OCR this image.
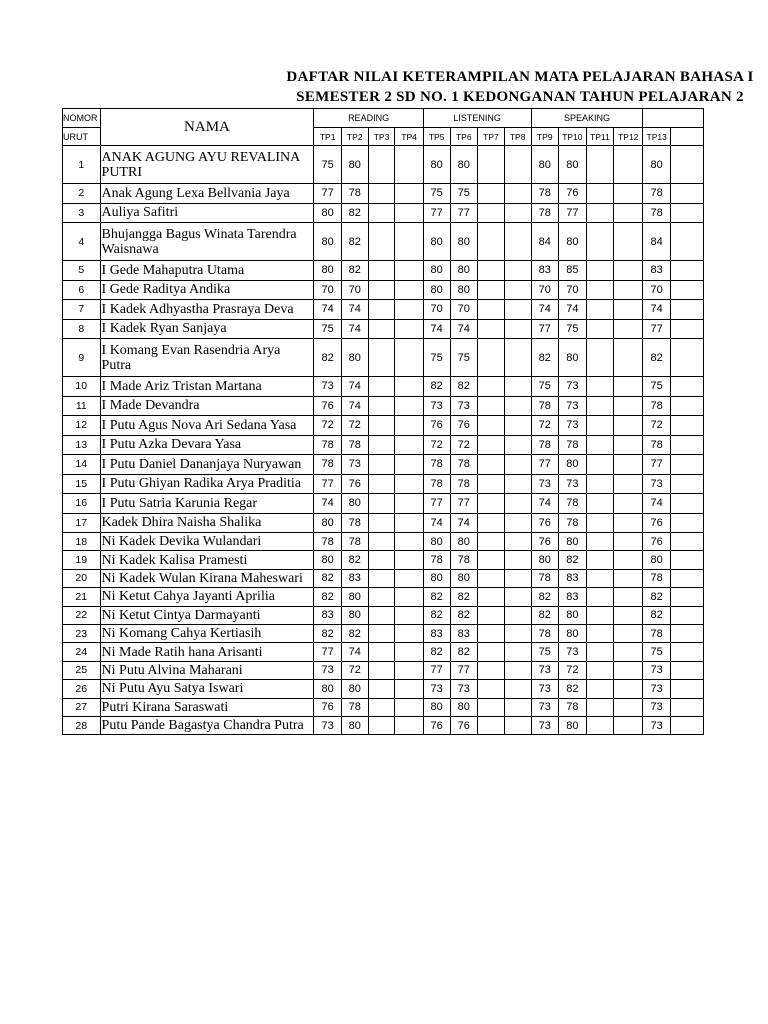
DAFTAR NILAI KETERAMPILAN MATA PELAJARAN BAHASA I
SEMESTER 2 SD NO. 1 KEDONGANAN TAHUN PELAJARAN 2
NOMOR	NAMA	READING				LISTENING				SPEAKING					
URUT		TP1	TP2	TP3	TP4	TP5	TP6	TP7	TP8	TP9	TP10	TP11	TP12	TP13	
1	ANAK AGUNG AYU REVALINA PUTRI	75	80			80	80			80	80			80	
2	Anak Agung Lexa Bellvania Jaya	77	78			75	75			78	76			78	
3	Auliya Safitri	80	82			77	77			78	77			78	
4	Bhujangga Bagus Winata Tarendra Waisnawa	80	82			80	80			84	80			84	
5	I Gede Mahaputra Utama	80	82			80	80			83	85			83	
6	I Gede Raditya Andika	70	70			80	80			70	70			70	
7	I Kadek Adhyastha Prasraya Deva	74	74			70	70			74	74			74	
8	I Kadek Ryan Sanjaya	75	74			74	74			77	75			77	
9	I Komang Evan Rasendria Arya Putra	82	80			75	75			82	80			82	
10	I Made Ariz Tristan Martana	73	74			82	82			75	73			75	
11	I Made Devandra	76	74			73	73			78	73			78	
12	I Putu Agus Nova Ari Sedana Yasa	72	72			76	76			72	73			72	
13	I Putu Azka Devara Yasa	78	78			72	72			78	78			78	
14	I Putu Daniel Dananjaya Nuryawan	78	73			78	78			77	80			77	
15	I Putu Ghiyan Radika Arya Praditia	77	76			78	78			73	73			73	
16	I Putu Satria Karunia Regar	74	80			77	77			74	78			74	
17	Kadek Dhira Naisha Shalika	80	78			74	74			76	78			76	
18	Ni Kadek Devika Wulandari	78	78			80	80			76	80			76	
19	Ni Kadek Kalisa Pramesti	80	82			78	78			80	82			80	
20	Ni Kadek Wulan Kirana Maheswari	82	83			80	80			78	83			78	
21	Ni Ketut Cahya Jayanti Aprilia	82	80			82	82			82	83			82	
22	Ni Ketut Cintya Darmayanti	83	80			82	82			82	80			82	
23	Ni Komang Cahya Kertiasih	82	82			83	83			78	80			78	
24	Ni Made Ratih hana Arisanti	77	74			82	82			75	73			75	
25	Ni Putu Alvina Maharani	73	72			77	77			73	72			73	
26	Ni Putu Ayu Satya Iswari	80	80			73	73			73	82			73	
27	Putri Kirana Saraswati	76	78			80	80			73	78			73	
28	Putu Pande Bagastya Chandra Putra	73	80			76	76			73	80			73	
